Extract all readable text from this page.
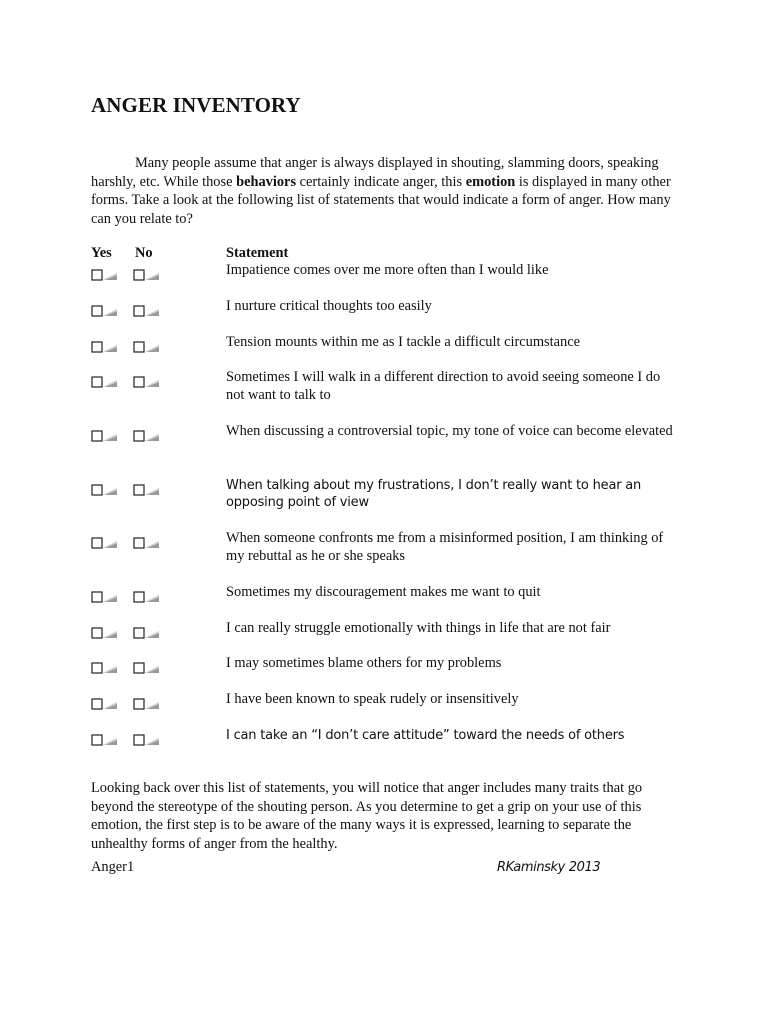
ANGER INVENTORY

Many people assume that anger is always displayed in shouting, slamming doors, speaking harshly, etc. While those behaviors certainly indicate anger, this emotion is displayed in many other forms. Take a look at the following list of statements that would indicate a form of anger. How many can you relate to?

Yes No	Statement
Impatience comes over me more often than I would like
I nurture critical thoughts too easily
Tension mounts within me as I tackle a difficult circumstance
Sometimes I will walk in a different direction to avoid seeing someone I do not want to talk to
When discussing a controversial topic, my tone of voice can become elevated
When talking about my frustrations, I don’t really want to hear an opposing point of view
When someone confronts me from a misinformed position, I am thinking of my rebuttal as he or she speaks
Sometimes my discouragement makes me want to quit
I can really struggle emotionally with things in life that are not fair
I may sometimes blame others for my problems
I have been known to speak rudely or insensitively
I can take an “I don’t care attitude” toward the needs of others

Looking back over this list of statements, you will notice that anger includes many traits that go beyond the stereotype of the shouting person. As you determine to get a grip on your use of this emotion, the first step is to be aware of the many ways it is expressed, learning to separate the unhealthy forms of anger from the healthy.

Anger1	RKaminsky 2013
